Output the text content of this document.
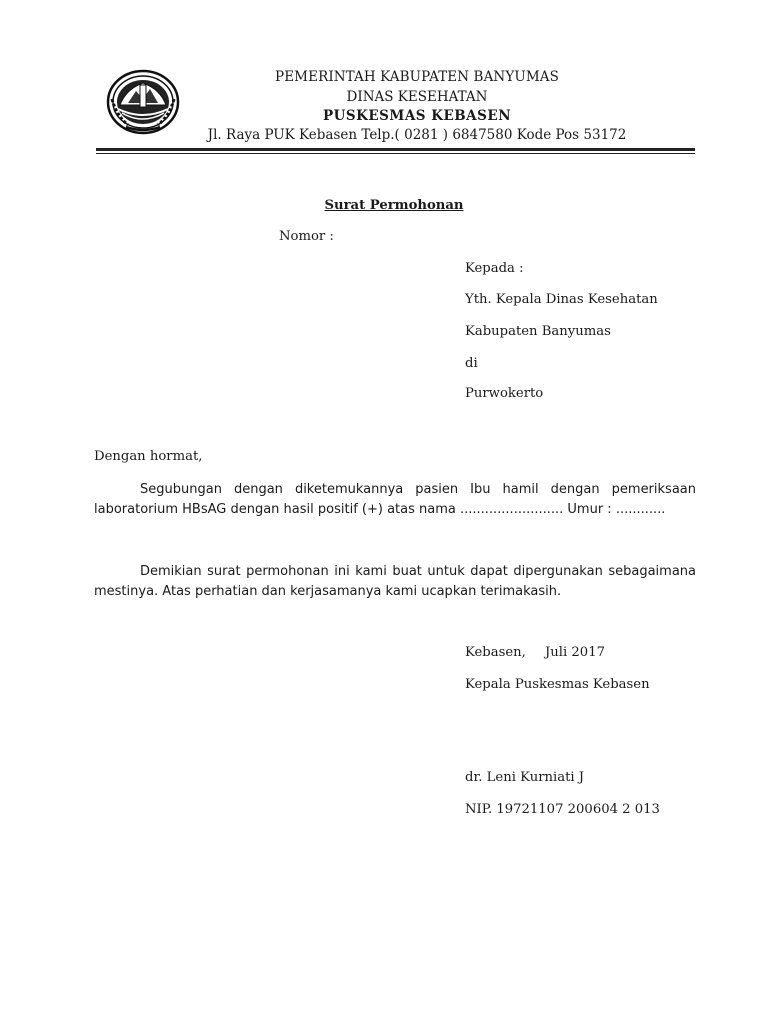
PEMERINTAH KABUPATEN BANYUMAS
DINAS KESEHATAN
PUSKESMAS KEBASEN
Jl. Raya PUK Kebasen Telp.( 0281 ) 6847580 Kode Pos 53172
Surat Permohonan
Nomor :
Kepada :
Yth. Kepala Dinas Kesehatan
Kabupaten Banyumas
di
Purwokerto
Dengan hormat,
Segubungan dengan diketemukannya pasien Ibu hamil dengan pemeriksaan laboratorium HBsAG dengan hasil positif (+) atas nama ......................... Umur : ............
Demikian surat permohonan ini kami buat untuk dapat dipergunakan sebagaimana mestinya. Atas perhatian dan kerjasamanya kami ucapkan terimakasih.
Kebasen, Juli 2017
Kepala Puskesmas Kebasen
dr. Leni Kurniati J
NIP. 19721107 200604 2 013
